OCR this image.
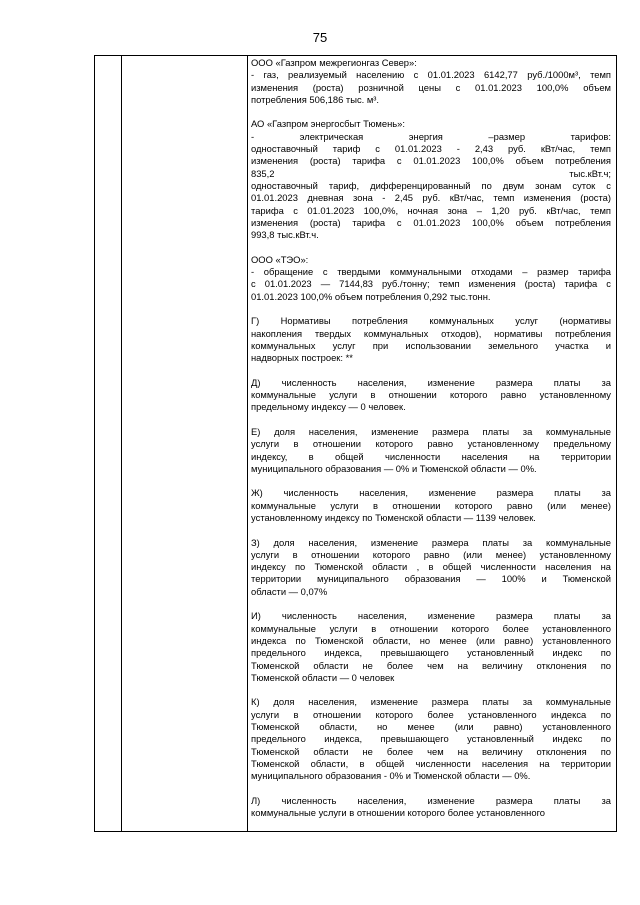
75
ООО «Газпром межрегионгаз Север»:
- газ, реализуемый населению с 01.01.2023 6142,77 руб./1000м³, темп
изменения (роста) розничной цены с 01.01.2023 100,0% объем
потребления 506,186 тыс. м³.
АО «Газпром энергосбыт Тюмень»:
- электрическая энергия –размер тарифов:
одноставочный тариф с 01.01.2023 - 2,43 руб. кВт/час, темп
изменения (роста) тарифа с 01.01.2023 100,0% объем потребления
835,2 тыс.кВт.ч;
одноставочный тариф, дифференцированный по двум зонам суток с
01.01.2023 дневная зона - 2,45 руб. кВт/час, темп изменения (роста)
тарифа с 01.01.2023 100,0%, ночная зона – 1,20 руб. кВт/час, темп
изменения (роста) тарифа с 01.01.2023 100,0% объем потребления
993,8 тыс.кВт.ч.
ООО «ТЭО»:
- обращение с твердыми коммунальными отходами – размер тарифа
с 01.01.2023 — 7144,83 руб./тонну; темп изменения (роста) тарифа с
01.01.2023 100,0% объем потребления 0,292 тыс.тонн.
Г) Нормативы потребления коммунальных услуг (нормативы
накопления твердых коммунальных отходов), нормативы потребления
коммунальных услуг при использовании земельного участка и
надворных построек: **
Д) численность населения, изменение размера платы за
коммунальные услуги в отношении которого равно установленному
предельному индексу — 0 человек.
Е) доля населения, изменение размера платы за коммунальные
услуги в отношении которого равно установленному предельному
индексу, в общей численности населения на территории
муниципального образования — 0% и Тюменской области — 0%.
Ж) численность населения, изменение размера платы за
коммунальные услуги в отношении которого равно (или менее)
установленному индексу по Тюменской области — 1139 человек.
З) доля населения, изменение размера платы за коммунальные
услуги в отношении которого равно (или менее) установленному
индексу по Тюменской области , в общей численности населения на
территории муниципального образования — 100% и Тюменской
области — 0,07%
И) численность населения, изменение размера платы за
коммунальные услуги в отношении которого более установленного
индекса по Тюменской области, но менее (или равно) установленного
предельного индекса, превышающего установленный индекс по
Тюменской области не более чем на величину отклонения по
Тюменской области — 0 человек
К) доля населения, изменение размера платы за коммунальные
услуги в отношении которого более установленного индекса по
Тюменской области, но менее (или равно) установленного
предельного индекса, превышающего установленный индекс по
Тюменской области не более чем на величину отклонения по
Тюменской области, в общей численности населения на территории
муниципального образования - 0% и Тюменской области — 0%.
Л) численность населения, изменение размера платы за
коммунальные услуги в отношении которого более установленного
